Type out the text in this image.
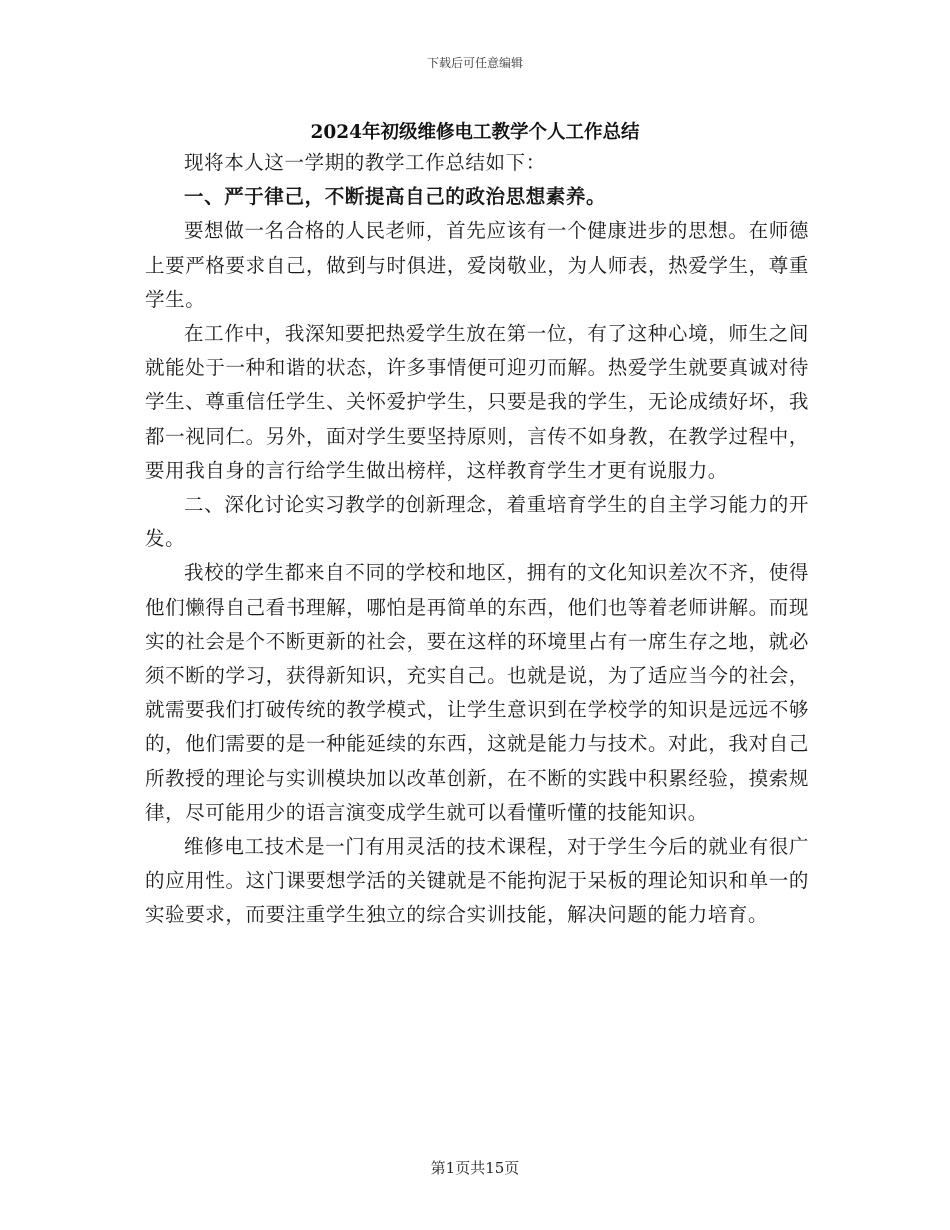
下载后可任意编辑
2024年初级维修电工教学个人工作总结

现将本人这一学期的教学工作总结如下：

一、严于律己，不断提高自己的政治思想素养。

要想做一名合格的人民老师，首先应该有一个健康进步的思想。在师德上要严格要求自己，做到与时俱进，爱岗敬业，为人师表，热爱学生，尊重学生。

在工作中，我深知要把热爱学生放在第一位，有了这种心境，师生之间就能处于一种和谐的状态，许多事情便可迎刃而解。热爱学生就要真诚对待学生、尊重信任学生、关怀爱护学生，只要是我的学生，无论成绩好坏，我都一视同仁。另外，面对学生要坚持原则，言传不如身教，在教学过程中，要用我自身的言行给学生做出榜样，这样教育学生才更有说服力。

二、深化讨论实习教学的创新理念，着重培育学生的自主学习能力的开发。

我校的学生都来自不同的学校和地区，拥有的文化知识差次不齐，使得他们懒得自己看书理解，哪怕是再简单的东西，他们也等着老师讲解。而现实的社会是个不断更新的社会，要在这样的环境里占有一席生存之地，就必须不断的学习，获得新知识，充实自己。也就是说，为了适应当今的社会，就需要我们打破传统的教学模式，让学生意识到在学校学的知识是远远不够的，他们需要的是一种能延续的东西，这就是能力与技术。对此，我对自己所教授的理论与实训模块加以改革创新，在不断的实践中积累经验，摸索规律，尽可能用少的语言演变成学生就可以看懂听懂的技能知识。

维修电工技术是一门有用灵活的技术课程，对于学生今后的就业有很广的应用性。这门课要想学活的关键就是不能拘泥于呆板的理论知识和单一的实验要求，而要注重学生独立的综合实训技能，解决问题的能力培育。

第1页共15页
